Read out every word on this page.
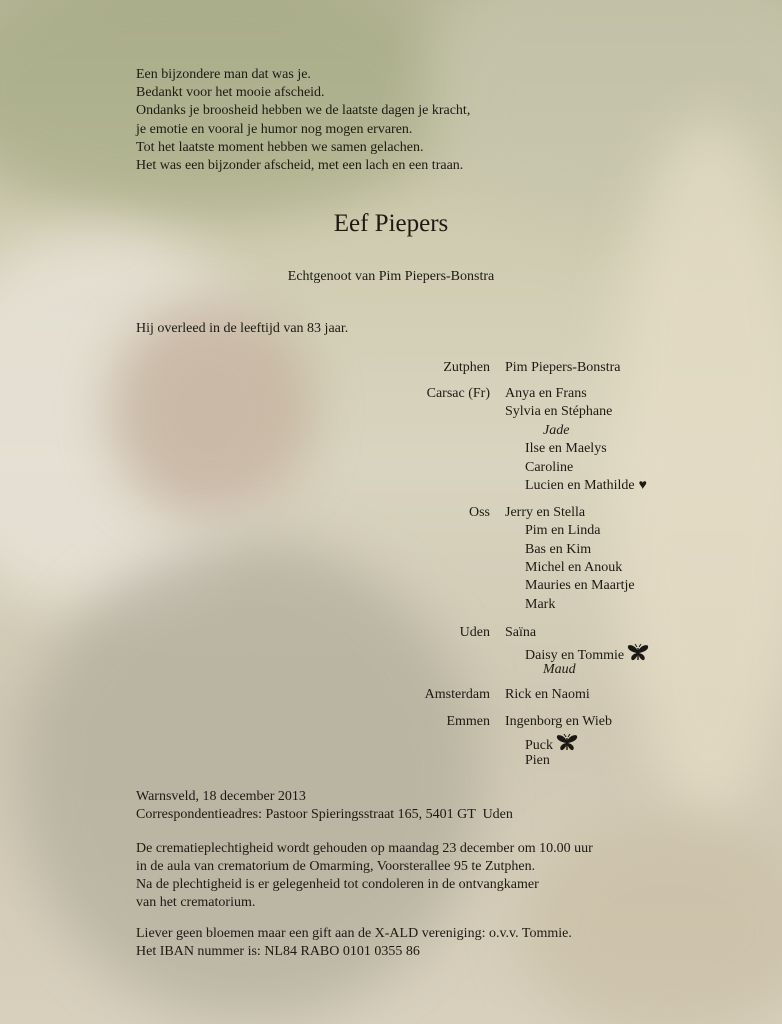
Een bijzondere man dat was je.
Bedankt voor het mooie afscheid.
Ondanks je broosheid hebben we de laatste dagen je kracht,
je emotie en vooral je humor nog mogen ervaren.
Tot het laatste moment hebben we samen gelachen.
Het was een bijzonder afscheid, met een lach en een traan.
Eef Piepers
Echtgenoot van Pim Piepers-Bonstra
Hij overleed in de leeftijd van 83 jaar.
Zutphen Pim Piepers-Bonstra
Carsac (Fr) Anya en Frans
Sylvia en Stéphane
Jade
Ilse en Maelys
Caroline
Lucien en Mathilde ♥
Oss Jerry en Stella
Pim en Linda
Bas en Kim
Michel en Anouk
Mauries en Maartje
Mark
Uden Saïna
Daisy en Tommie
Maud
Amsterdam Rick en Naomi
Emmen Ingenborg en Wieb
Puck
Pien
Warnsveld, 18 december 2013
Correspondentieadres: Pastoor Spieringsstraat 165, 5401 GT  Uden
De crematieplechtigheid wordt gehouden op maandag 23 december om 10.00 uur
in de aula van crematorium de Omarming, Voorsterallee 95 te Zutphen.
Na de plechtigheid is er gelegenheid tot condoleren in de ontvangkamer
van het crematorium.
Liever geen bloemen maar een gift aan de X-ALD vereniging: o.v.v. Tommie.
Het IBAN nummer is: NL84 RABO 0101 0355 86
